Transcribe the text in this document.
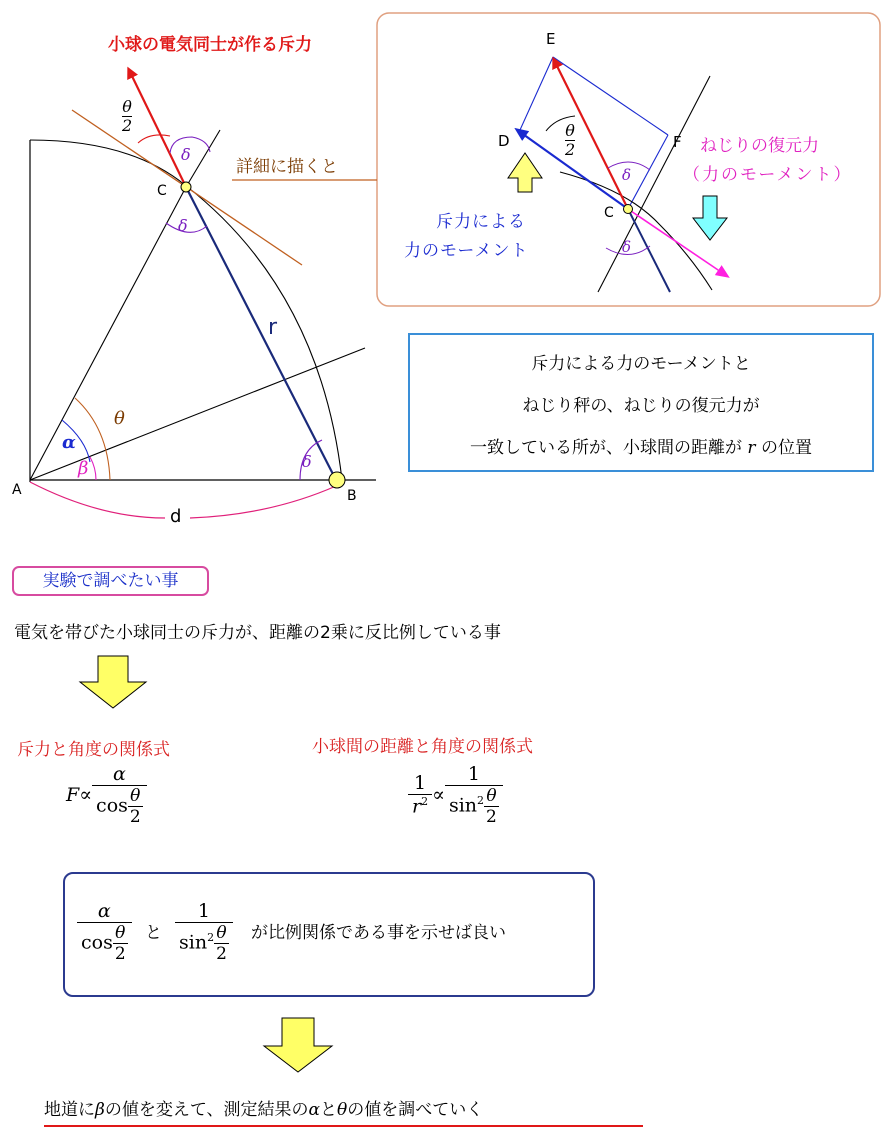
小球の電気同士が作る斥力
詳細に描くと
A	B
C
r
d
α
β
θ
δ
δ
δ
$\frac{\theta}{2}$
E
D	F
C
δ
δ
$\frac{\theta}{2}$	ねじりの復元力
（力のモーメント）
斥力による
力のモーメント
斥力による力のモーメントと
ねじり秤の、ねじりの復元力が
一致している所が、小球間の距離が r の位置
実験で調べたい事
電気を帯びた小球同士の斥力が、距離の2乗に反比例している事
斥力と角度の関係式	小球間の距離と角度の関係式
$F\propto \frac{\alpha}{\cos \frac{\theta}{2}}$	$\frac{1}{r^2} \propto \frac{1}{\sin^2 \frac{\theta}{2}}$
$\frac{\alpha}{\cos \frac{\theta}{2}}$ と $\frac{1}{\sin^2 \frac{\theta}{2}}$ が比例関係である事を示せば良い
地道にβの値を変えて、測定結果のαとθの値を調べていく
